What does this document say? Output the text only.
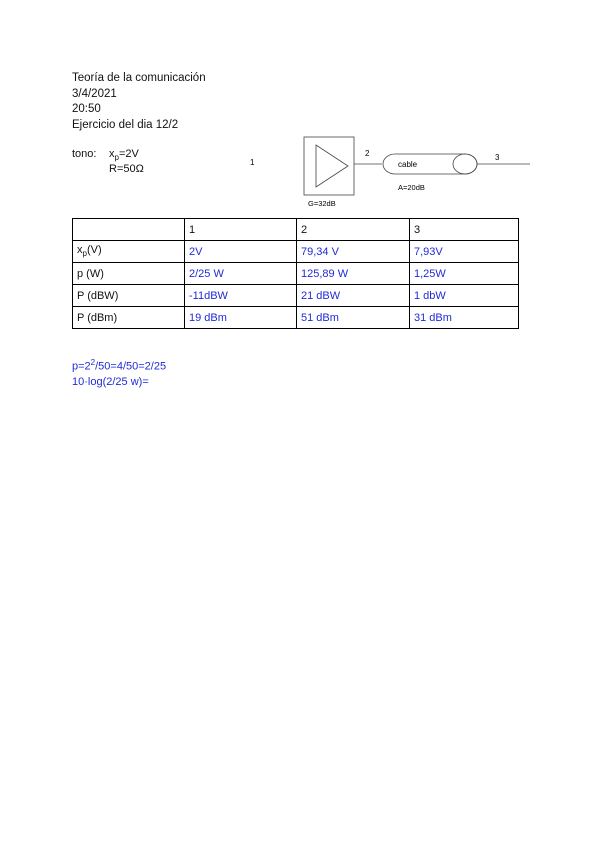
Teoría de la comunicación
3/4/2021
20:50
Ejercicio del dia 12/2
tono: $x_p=2V$
R=50Ω
1
G=32dB
2
cable
A=20dB
3
	1	2	3
$x_p(V)$	2V	79,34 V	7,93V
p (W)	2/25 W	125,89 W	1,25W
P (dBW)	-11dBW	21 dBW	1 dbW
P (dBm)	19 dBm	51 dBm	31 dBm
$p=2^2/50=4/50=2/25$
10·log(2/25 w)=
